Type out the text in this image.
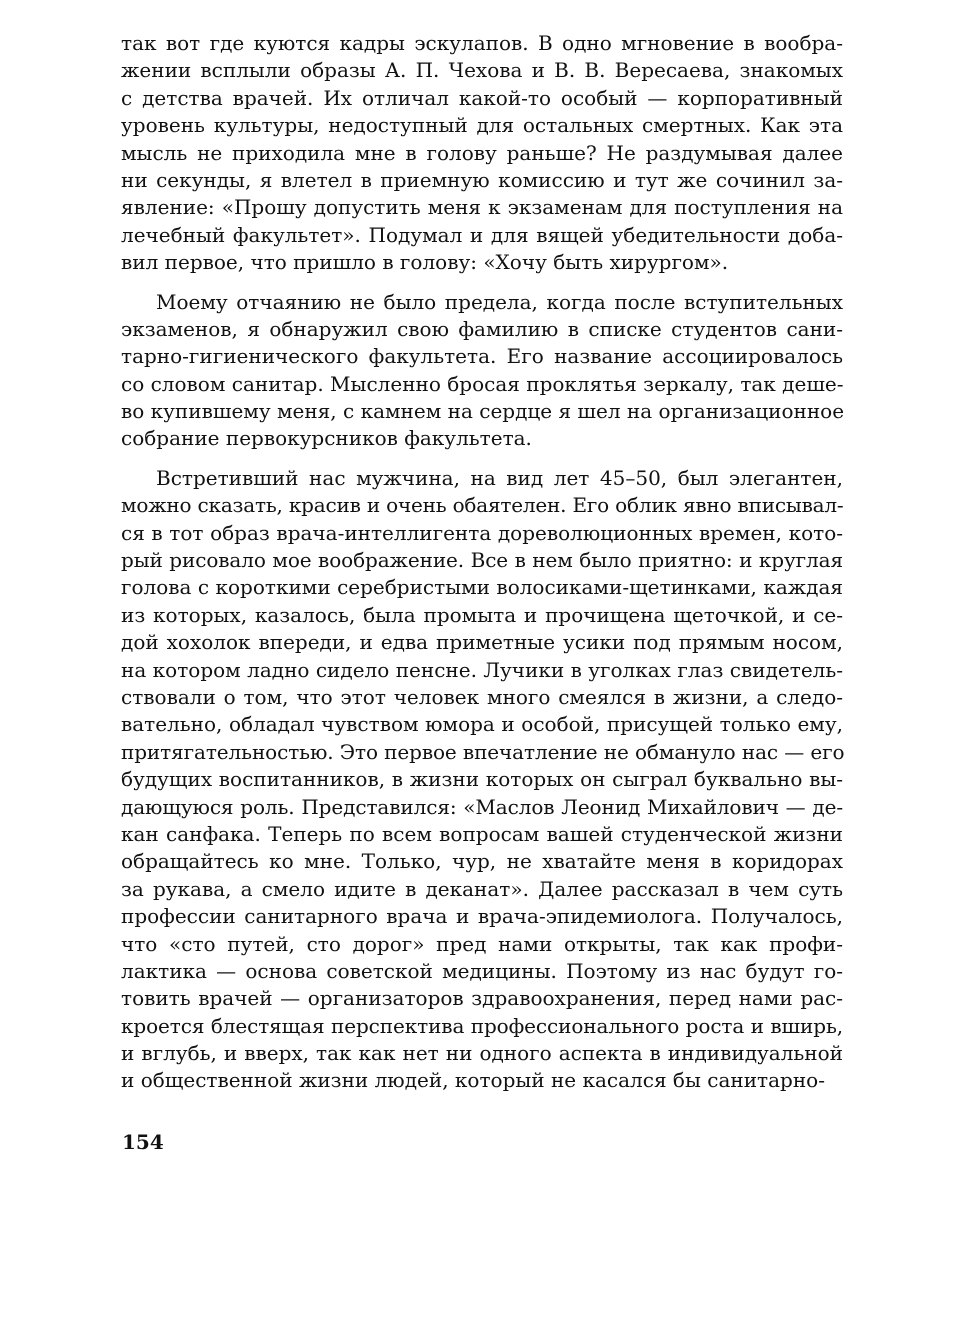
так вот где куются кадры эскулапов. В одно мгновение в вообра-
жении всплыли образы А. П. Чехова и В. В. Вересаева, знакомых
с детства врачей. Их отличал какой-то особый — корпоративный
уровень культуры, недоступный для остальных смертных. Как эта
мысль не приходила мне в голову раньше? Не раздумывая далее
ни секунды, я влетел в приемную комиссию и тут же сочинил за-
явление: «Прошу допустить меня к экзаменам для поступления на
лечебный факультет». Подумал и для вящей убедительности доба-
вил первое, что пришло в голову: «Хочу быть хирургом».
Моему отчаянию не было предела, когда после вступительных
экзаменов, я обнаружил свою фамилию в списке студентов сани-
тарно-гигиенического факультета. Его название ассоциировалось
со словом санитар. Мысленно бросая проклятья зеркалу, так деше-
во купившему меня, с камнем на сердце я шел на организационное
собрание первокурсников факультета.
Встретивший нас мужчина, на вид лет 45–50, был элегантен,
можно сказать, красив и очень обаятелен. Его облик явно вписывал-
ся в тот образ врача-интеллигента дореволюционных времен, кото-
рый рисовало мое воображение. Все в нем было приятно: и круглая
голова с короткими серебристыми волосиками-щетинками, каждая
из которых, казалось, была промыта и прочищена щеточкой, и се-
дой хохолок впереди, и едва приметные усики под прямым носом,
на котором ладно сидело пенсне. Лучики в уголках глаз свидетель-
ствовали о том, что этот человек много смеялся в жизни, а следо-
вательно, обладал чувством юмора и особой, присущей только ему,
притягательностью. Это первое впечатление не обмануло нас — его
будущих воспитанников, в жизни которых он сыграл буквально вы-
дающуюся роль. Представился: «Маслов Леонид Михайлович — де-
кан санфака. Теперь по всем вопросам вашей студенческой жизни
обращайтесь ко мне. Только, чур, не хватайте меня в коридорах
за рукава, а смело идите в деканат». Далее рассказал в чем суть
профессии санитарного врача и врача-эпидемиолога. Получалось,
что «сто путей, сто дорог» пред нами открыты, так как профи-
лактика — основа советской медицины. Поэтому из нас будут го-
товить врачей — организаторов здравоохранения, перед нами рас-
кроется блестящая перспектива профессионального роста и вширь,
и вглубь, и вверх, так как нет ни одного аспекта в индивидуальной
и общественной жизни людей, который не касался бы санитарно-
154
